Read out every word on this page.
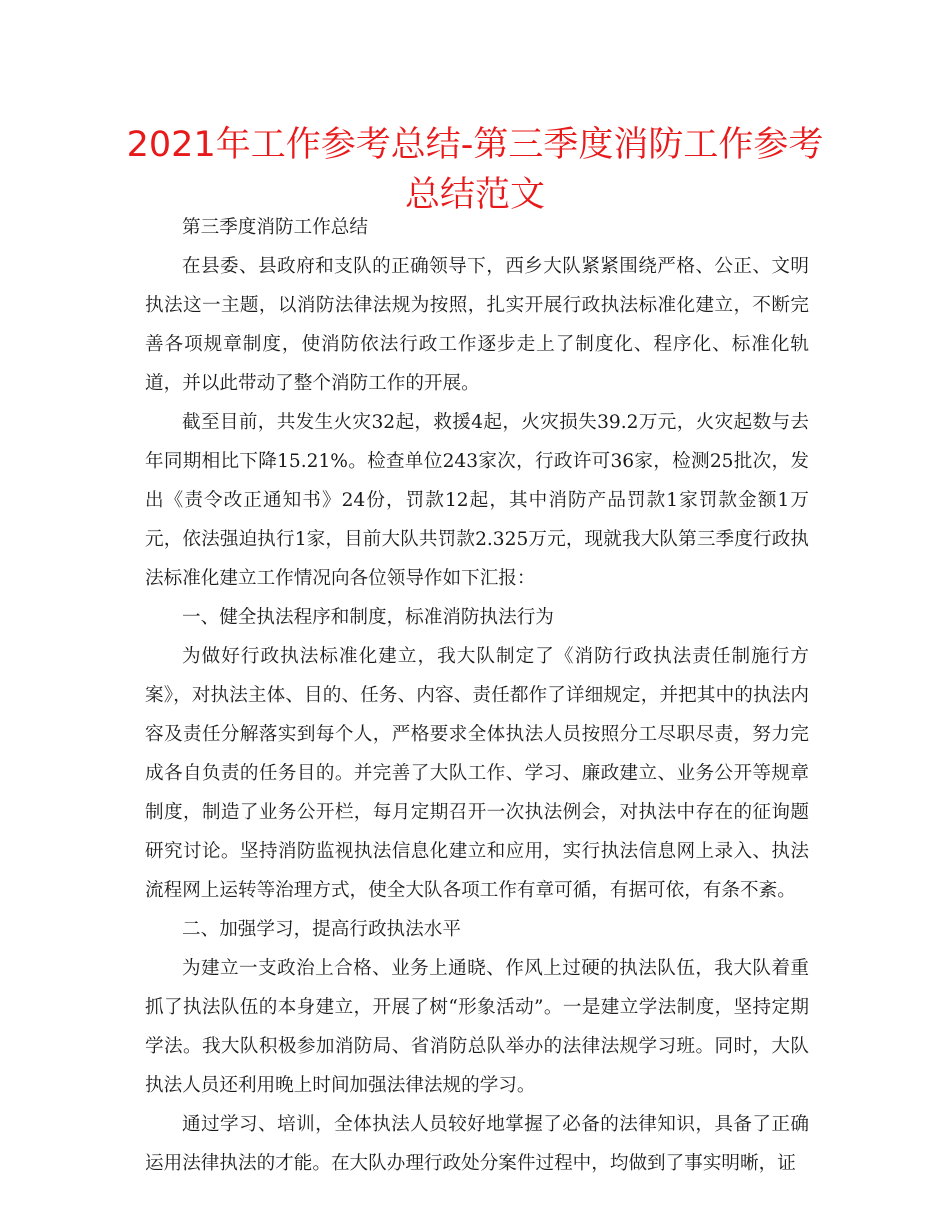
2021年工作参考总结-第三季度消防工作参考总结范文

第三季度消防工作总结

在县委、县政府和支队的正确领导下，西乡大队紧紧围绕严格、公正、文明执法这一主题，以消防法律法规为按照，扎实开展行政执法标准化建立，不断完善各项规章制度，使消防依法行政工作逐步走上了制度化、程序化、标准化轨道，并以此带动了整个消防工作的开展。

截至目前，共发生火灾32起，救援4起，火灾损失39.2万元，火灾起数与去年同期相比下降15.21%。检查单位243家次，行政许可36家，检测25批次，发出《责令改正通知书》24份，罚款12起，其中消防产品罚款1家罚款金额1万元，依法强迫执行1家，目前大队共罚款2.325万元，现就我大队第三季度行政执法标准化建立工作情况向各位领导作如下汇报：

一、健全执法程序和制度，标准消防执法行为

为做好行政执法标准化建立，我大队制定了《消防行政执法责任制施行方案》，对执法主体、目的、任务、内容、责任都作了详细规定，并把其中的执法内容及责任分解落实到每个人，严格要求全体执法人员按照分工尽职尽责，努力完成各自负责的任务目的。并完善了大队工作、学习、廉政建立、业务公开等规章制度，制造了业务公开栏，每月定期召开一次执法例会，对执法中存在的征询题研究讨论。坚持消防监视执法信息化建立和应用，实行执法信息网上录入、执法流程网上运转等治理方式，使全大队各项工作有章可循，有据可依，有条不紊。

二、加强学习，提高行政执法水平

为建立一支政治上合格、业务上通晓、作风上过硬的执法队伍，我大队着重抓了执法队伍的本身建立，开展了树“形象活动”。一是建立学法制度，坚持定期学法。我大队积极参加消防局、省消防总队举办的法律法规学习班。同时，大队执法人员还利用晚上时间加强法律法规的学习。

通过学习、培训，全体执法人员较好地掌握了必备的法律知识，具备了正确运用法律执法的才能。在大队办理行政处分案件过程中，均做到了事实明晰，证
